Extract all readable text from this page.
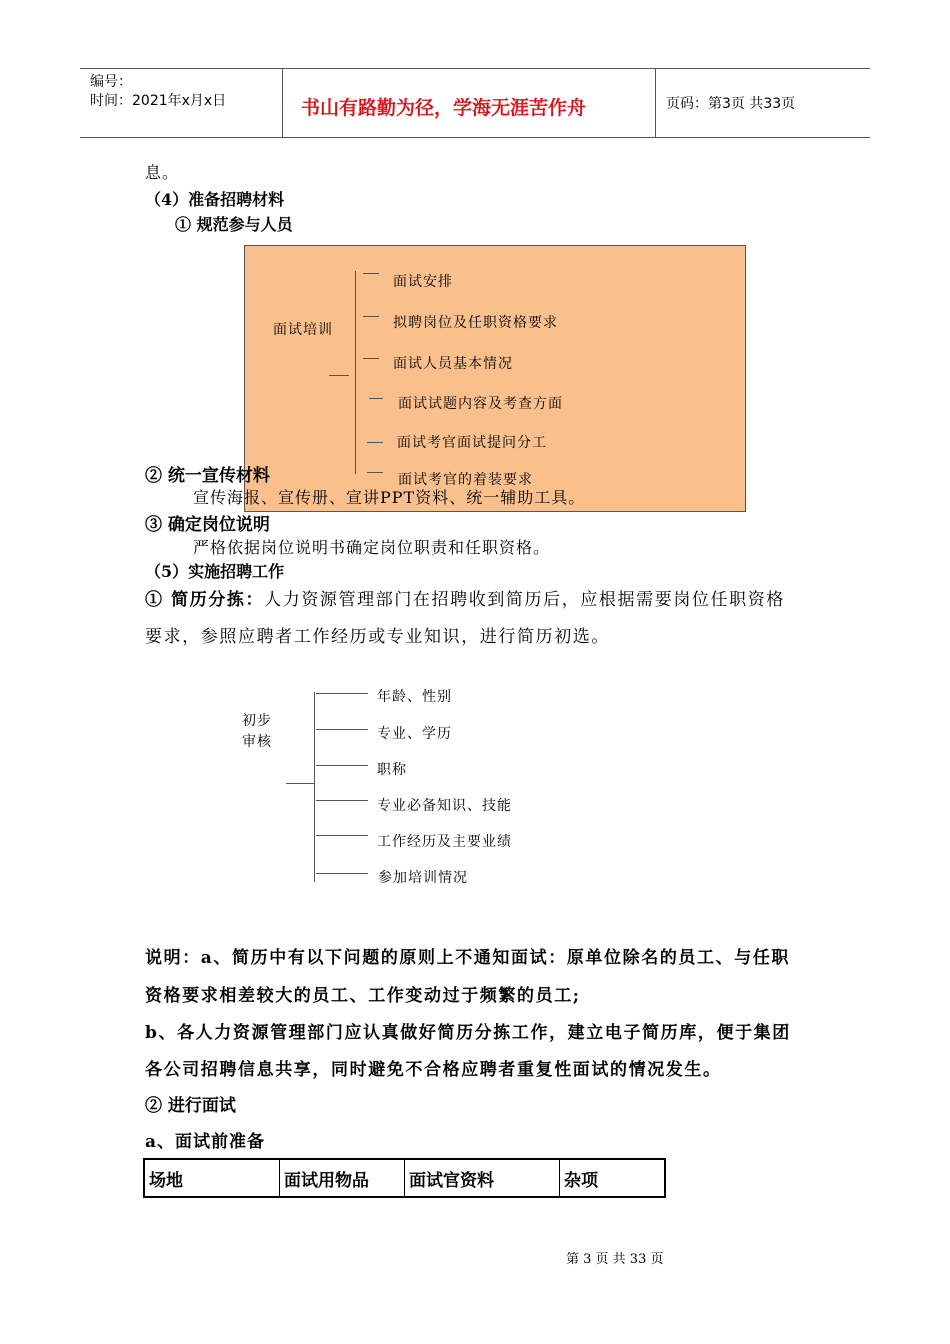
编号：
时间：2021年x月x日	书山有路勤为径，学海无涯苦作舟	页码：第3页 共33页
息。
（4）准备招聘材料
① 规范参与人员
面试培训
面试安排
拟聘岗位及任职资格要求
面试人员基本情况
面试试题内容及考查方面
面试考官面试提问分工
面试考官的着装要求
② 统一宣传材料
宣传海报、宣传册、宣讲PPT资料、统一辅助工具。
③ 确定岗位说明
严格依据岗位说明书确定岗位职责和任职资格。
（5）实施招聘工作
① 简历分拣：人力资源管理部门在招聘收到简历后，应根据需要岗位任职资格
要求，参照应聘者工作经历或专业知识，进行简历初选。
初步
审核
年龄、性别
专业、学历
职称
专业必备知识、技能
工作经历及主要业绩
参加培训情况
说明：a、简历中有以下问题的原则上不通知面试：原单位除名的员工、与任职
资格要求相差较大的员工、工作变动过于频繁的员工;
b、各人力资源管理部门应认真做好简历分拣工作，建立电子简历库，便于集团
各公司招聘信息共享，同时避免不合格应聘者重复性面试的情况发生。
② 进行面试
a、面试前准备
场地	面试用物品	面试官资料	杂项
第 3 页 共 33 页
